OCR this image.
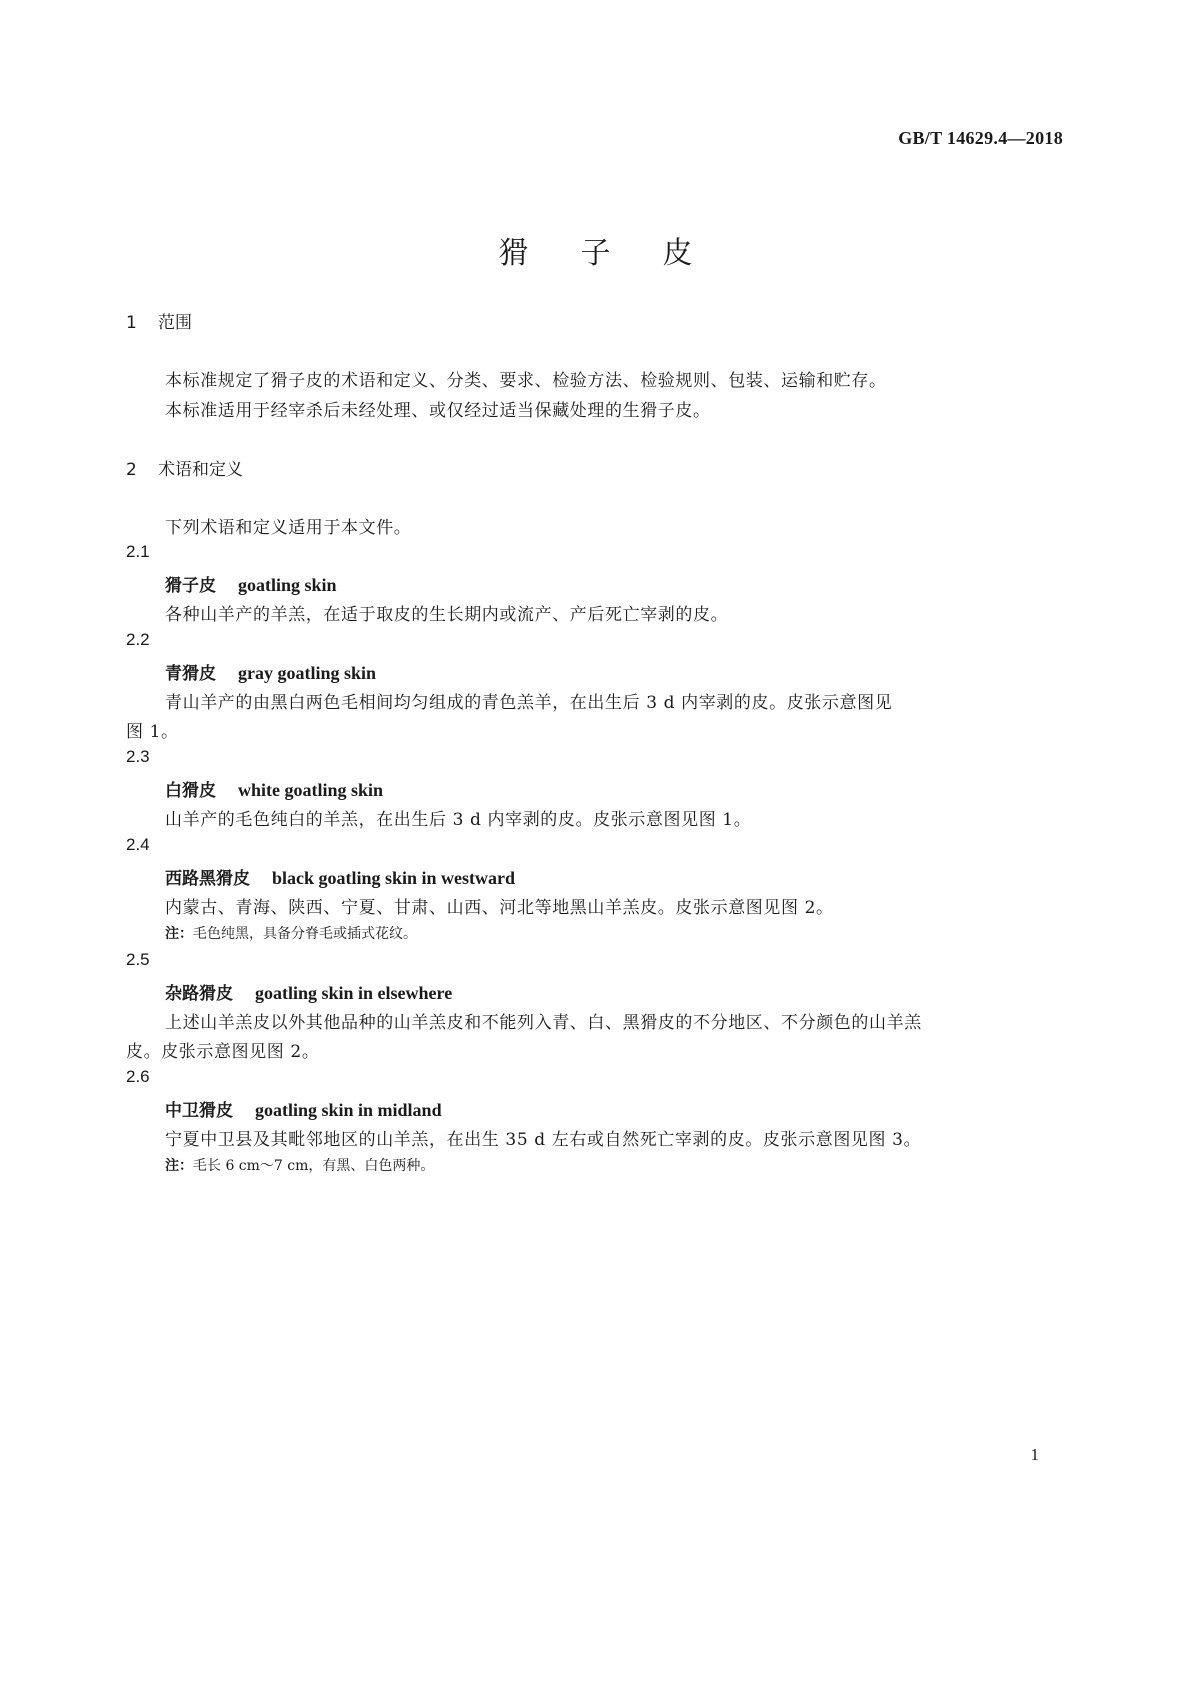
GB/T 14629.4—2018
猾子皮
1 范围
本标准规定了猾子皮的术语和定义、分类、要求、检验方法、检验规则、包装、运输和贮存。
本标准适用于经宰杀后未经处理、或仅经过适当保藏处理的生猾子皮。
2 术语和定义
下列术语和定义适用于本文件。
2.1
猾子皮 goatling skin
各种山羊产的羊羔，在适于取皮的生长期内或流产、产后死亡宰剥的皮。
2.2
青猾皮 gray goatling skin
青山羊产的由黑白两色毛相间均匀组成的青色羔羊，在出生后 3 d 内宰剥的皮。皮张示意图见
图 1。
2.3
白猾皮 white goatling skin
山羊产的毛色纯白的羊羔，在出生后 3 d 内宰剥的皮。皮张示意图见图 1。
2.4
西路黑猾皮 black goatling skin in westward
内蒙古、青海、陕西、宁夏、甘肃、山西、河北等地黑山羊羔皮。皮张示意图见图 2。
注：毛色纯黑，具备分脊毛或插式花纹。
2.5
杂路猾皮 goatling skin in elsewhere
上述山羊羔皮以外其他品种的山羊羔皮和不能列入青、白、黑猾皮的不分地区、不分颜色的山羊羔
皮。皮张示意图见图 2。
2.6
中卫猾皮 goatling skin in midland
宁夏中卫县及其毗邻地区的山羊羔，在出生 35 d 左右或自然死亡宰剥的皮。皮张示意图见图 3。
注：毛长 6 cm～7 cm，有黑、白色两种。
1
